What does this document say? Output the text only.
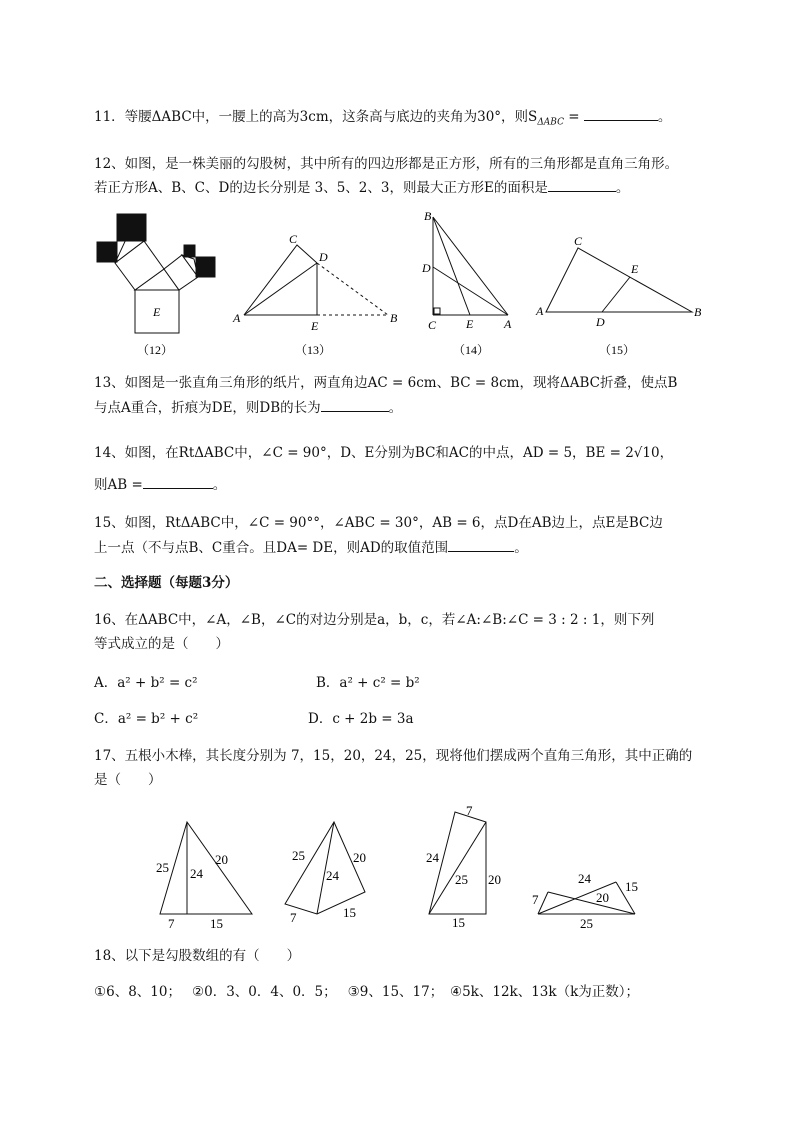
11．等腰ΔABC中，一腰上的高为3cm，这条高与底边的夹角为30°，则$S_{\Delta ABC}$ =	。
12、如图，是一株美丽的勾股树，其中所有的四边形都是正方形，所有的三角形都是直角三角形。
若正方形A、B、C、D的边长分别是 3、5、2、3，则最大正方形E的面积是	。
E
（12）
C
D
A
E
B
（13）
B
D
C E	A
（14）
C
E
A
D
B
（15）
13、如图是一张直角三角形的纸片，两直角边AC = 6cm、BC = 8cm，现将ΔABC折叠，使点B
与点A重合，折痕为DE，则DB的长为	。
14、如图，在RtΔABC中，∠C = 90°，D、E分别为BC和AC的中点，AD = 5，BE = 2√10，
则AB =	。
15、如图，RtΔABC中，∠C = 90°°，∠ABC = 30°，AB = 6，点D在AB边上，点E是BC边
上一点（不与点B、C重合。且DA= DE，则AD的取值范围	。
二、选择题（每题3分）
16、在ΔABC中，∠A，∠B，∠C的对边分别是a，b，c，若∠A:∠B:∠C = 3 : 2 : 1，则下列
等式成立的是（　　）
A．a² + b² = c²	B．a² + c² = b²
C．a² = b² + c²	D．c + 2b = 3a
17、五根小木棒，其长度分别为 7，15，20，24，25，现将他们摆成两个直角三角形，其中正确的
是（　　）
25 24
20
7	15
25
24
20
7	15
7
24
25 20
15
24
7	20
15
25
18、以下是勾股数组的有（　　）
①6、8、10；　 ②0．3、0．4、0．5；　 ③9、15、17；　④5k、12k、13k（k为正数）；
